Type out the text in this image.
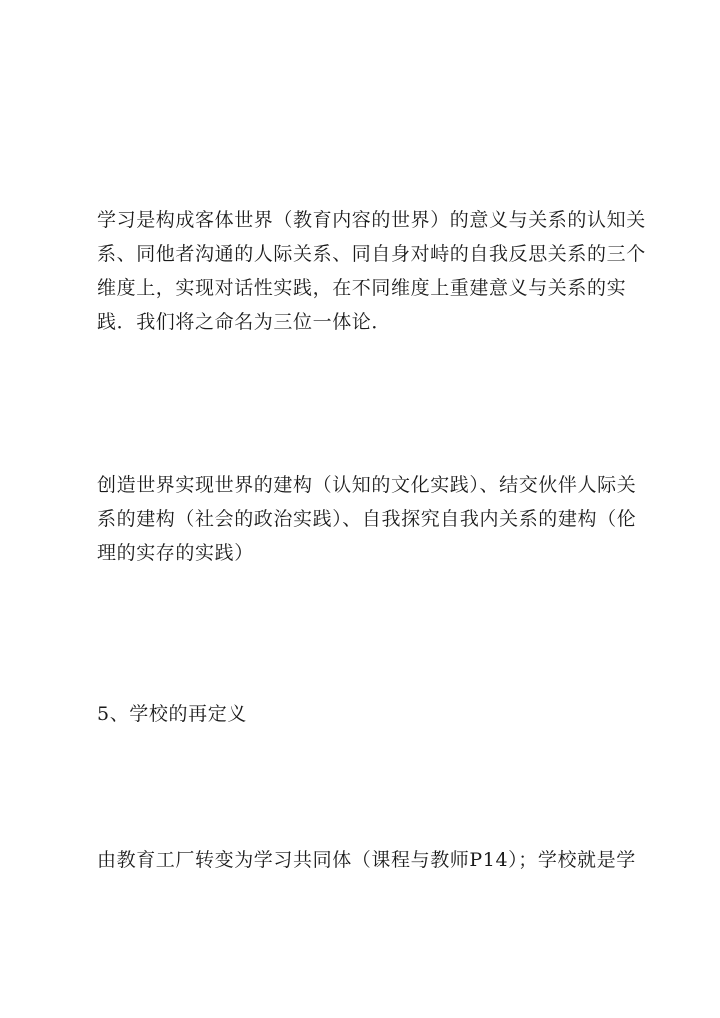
学习是构成客体世界（教育内容的世界）的意义与关系的认知关
系、同他者沟通的人际关系、同自身对峙的自我反思关系的三个
维度上，实现对话性实践，在不同维度上重建意义与关系的实
践．我们将之命名为三位一体论．

创造世界实现世界的建构（认知的文化实践）、结交伙伴人际关
系的建构（社会的政治实践）、自我探究自我内关系的建构（伦
理的实存的实践）

5、学校的再定义

由教育工厂转变为学习共同体（课程与教师P14）；学校就是学
